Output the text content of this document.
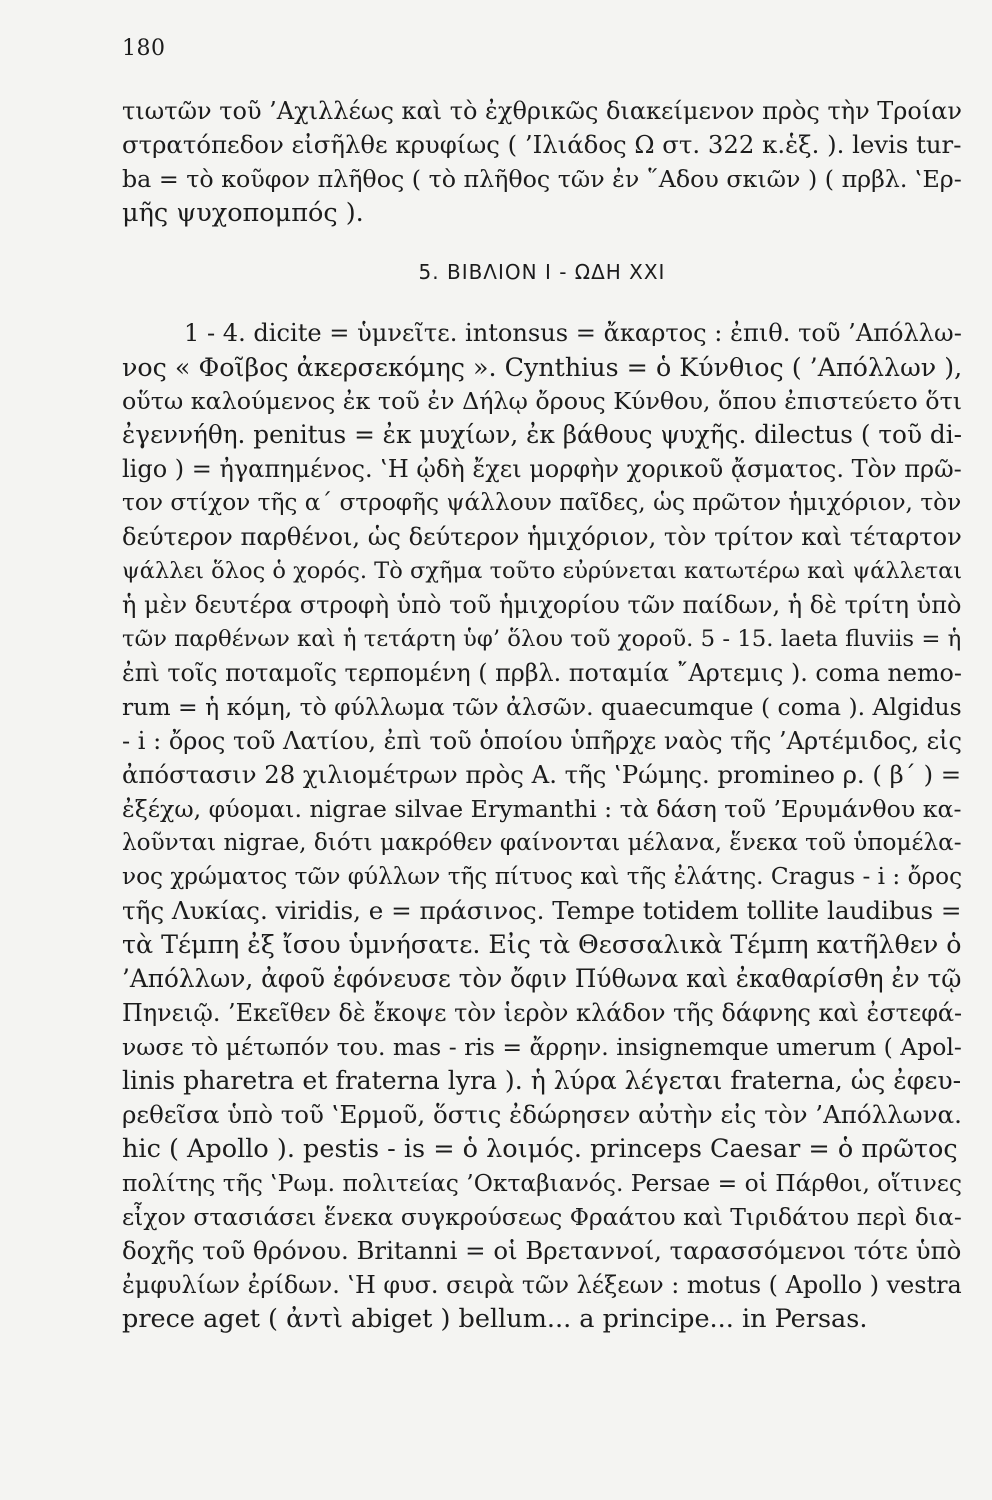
180
τιωτῶν τοῦ ’Αχιλλέως καὶ τὸ ἐχθρικῶς διακείμενον πρὸς τὴν Τροίαν
στρατόπεδον εἰσῆλθε κρυφίως ( ’Ιλιάδος Ω στ. 322 κ.ἑξ. ). levis tur-
ba = τὸ κοῦφον πλῆθος ( τὸ πλῆθος τῶν ἐν ῞Αδου σκιῶν ) ( πρβλ. ‛Ερ-
μῆς ψυχοπομπός ).
5. ΒΙΒΛΙΟΝ Ι - ΩΔΗ XXI
1 - 4. dicite = ὑμνεῖτε. intonsus = ἄκαρτος : ἐπιθ. τοῦ ’Απόλλω-
νος « Φοῖβος ἀκερσεκόμης ». Cynthius = ὁ Κύνθιος ( ’Απόλλων ),
οὕτω καλούμενος ἐκ τοῦ ἐν Δήλῳ ὄρους Κύνθου, ὅπου ἐπιστεύετο ὅτι
ἐγεννήθη. penitus = ἐκ μυχίων, ἐκ βάθους ψυχῆς. dilectus ( τοῦ di-
ligo ) = ἠγαπημένος. ‛Η ᾠδὴ ἔχει μορφὴν χορικοῦ ᾄσματος. Τὸν πρῶ-
τον στίχον τῆς α΄ στροφῆς ψάλλουν παῖδες, ὡς πρῶτον ἡμιχόριον, τὸν
δεύτερον παρθένοι, ὡς δεύτερον ἡμιχόριον, τὸν τρίτον καὶ τέταρτον
ψάλλει ὅλος ὁ χορός. Τὸ σχῆμα τοῦτο εὐρύνεται κατωτέρω καὶ ψάλλεται
ἡ μὲν δευτέρα στροφὴ ὑπὸ τοῦ ἡμιχορίου τῶν παίδων, ἡ δὲ τρίτη ὑπὸ
τῶν παρθένων καὶ ἡ τετάρτη ὑφ’ ὅλου τοῦ χοροῦ. 5 - 15. laeta fluviis = ἡ
ἐπὶ τοῖς ποταμοῖς τερπομένη ( πρβλ. ποταμία ῎Αρτεμις ). coma nemo-
rum = ἡ κόμη, τὸ φύλλωμα τῶν ἀλσῶν. quaecumque ( coma ). Algidus
- i : ὄρος τοῦ Λατίου, ἐπὶ τοῦ ὁποίου ὑπῆρχε ναὸς τῆς ’Αρτέμιδος, εἰς
ἀπόστασιν 28 χιλιομέτρων πρὸς Α. τῆς ‛Ρώμης. promineo ρ. ( β΄ ) =
ἐξέχω, φύομαι. nigrae silvae Erymanthi : τὰ δάση τοῦ ’Ερυμάνθου κα-
λοῦνται nigrae, διότι μακρόθεν φαίνονται μέλανα, ἕνεκα τοῦ ὑπομέλα-
νος χρώματος τῶν φύλλων τῆς πίτυος καὶ τῆς ἐλάτης. Cragus - i : ὄρος
τῆς Λυκίας. viridis, e = πράσινος. Tempe totidem tollite laudibus =
τὰ Τέμπη ἐξ ἴσου ὑμνήσατε. Εἰς τὰ Θεσσαλικὰ Τέμπη κατῆλθεν ὁ
’Απόλλων, ἀφοῦ ἐφόνευσε τὸν ὄφιν Πύθωνα καὶ ἐκαθαρίσθη ἐν τῷ
Πηνειῷ. ’Εκεῖθεν δὲ ἔκοψε τὸν ἱερὸν κλάδον τῆς δάφνης καὶ ἐστεφά-
νωσε τὸ μέτωπόν του. mas - ris = ἄρρην. insignemque umerum ( Apol-
linis pharetra et fraterna lyra ). ἡ λύρα λέγεται fraterna, ὡς ἐφευ-
ρεθεῖσα ὑπὸ τοῦ ‛Ερμοῦ, ὅστις ἐδώρησεν αὐτὴν εἰς τὸν ’Απόλλωνα.
hic ( Apollo ). pestis - is = ὁ λοιμός. princeps Caesar = ὁ πρῶτος
πολίτης τῆς ‛Ρωμ. πολιτείας ’Οκταβιανός. Persae = οἱ Πάρθοι, οἵτινες
εἶχον στασιάσει ἕνεκα συγκρούσεως Φραάτου καὶ Τιριδάτου περὶ δια-
δοχῆς τοῦ θρόνου. Britanni = οἱ Βρεταννοί, ταρασσόμενοι τότε ὑπὸ
ἐμφυλίων ἐρίδων. ‛Η φυσ. σειρὰ τῶν λέξεων : motus ( Apollo ) vestra
prece aget ( ἀντὶ abiget ) bellum... a principe... in Persas.
